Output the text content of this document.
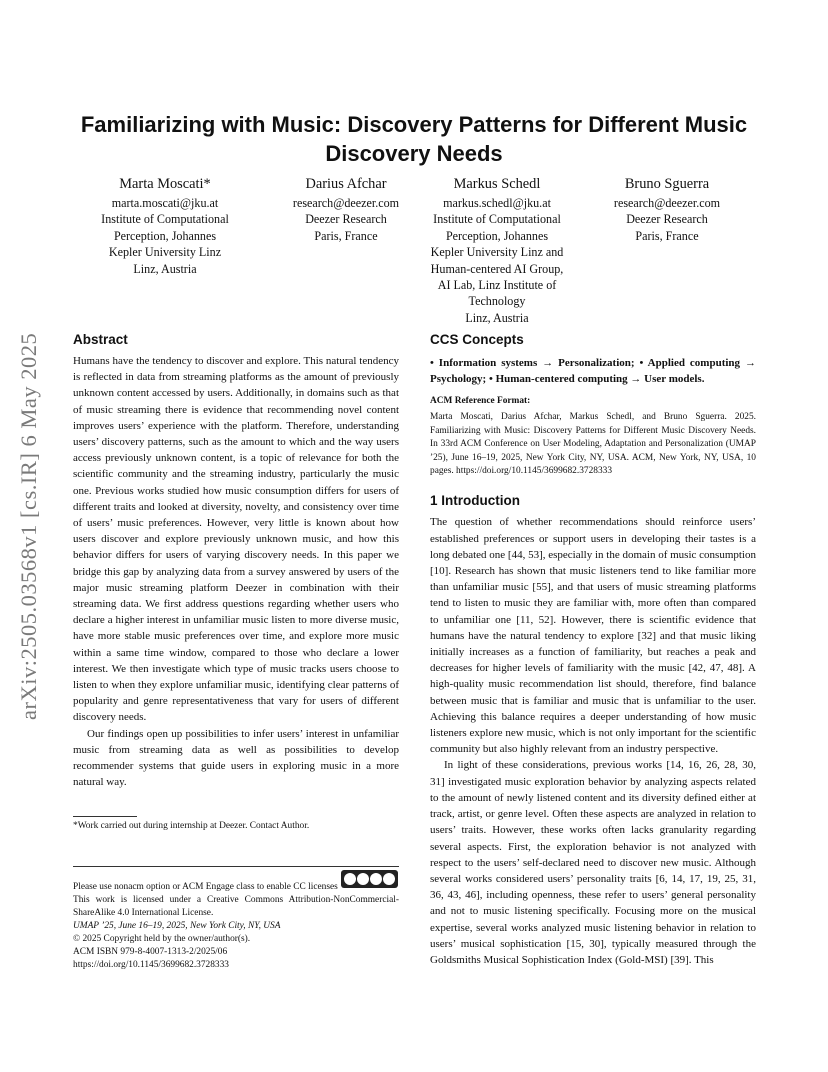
arXiv:2505.03568v1 [cs.IR] 6 May 2025
Familiarizing with Music: Discovery Patterns for Different Music Discovery Needs
Marta Moscati*
marta.moscati@jku.at
Institute of Computational
Perception, Johannes
Kepler University Linz
Linz, Austria
Darius Afchar
research@deezer.com
Deezer Research
Paris, France
Markus Schedl
markus.schedl@jku.at
Institute of Computational
Perception, Johannes
Kepler University Linz and
Human-centered AI Group,
AI Lab, Linz Institute of
Technology
Linz, Austria
Bruno Sguerra
research@deezer.com
Deezer Research
Paris, France
Abstract

Humans have the tendency to discover and explore. This natural tendency is reflected in data from streaming platforms as the amount of previously unknown content accessed by users. Additionally, in domains such as that of music streaming there is evidence that recommending novel content improves users’ experience with the platform. Therefore, understanding users’ discovery patterns, such as the amount to which and the way users access previously unknown content, is a topic of relevance for both the scientific community and the streaming industry, particularly the music one. Previous works studied how music consumption differs for users of different traits and looked at diversity, novelty, and consistency over time of users’ music preferences. However, very little is known about how users discover and explore previously unknown music, and how this behavior differs for users of varying discovery needs. In this paper we bridge this gap by analyzing data from a survey answered by users of the major music streaming platform Deezer in combination with their streaming data. We first address questions regarding whether users who declare a higher interest in unfamiliar music listen to more diverse music, have more stable music preferences over time, and explore more music within a same time window, compared to those who declare a lower interest. We then investigate which type of music tracks users choose to listen to when they explore unfamiliar music, identifying clear patterns of popularity and genre representativeness that vary for users of different discovery needs.

Our findings open up possibilities to infer users’ interest in unfamiliar music from streaming data as well as possibilities to develop recommender systems that guide users in exploring music in a more natural way.

*Work carried out during internship at Deezer. Contact Author.
Please use nonacm option or ACM Engage class to enable CC licenses
This work is licensed under a Creative Commons Attribution-NonCommercial-ShareAlike 4.0 International License.
UMAP ’25, June 16–19, 2025, New York City, NY, USA
© 2025 Copyright held by the owner/author(s).
ACM ISBN 979-8-4007-1313-2/2025/06
https://doi.org/10.1145/3699682.3728333
CCS Concepts

• Information systems → Personalization; • Applied computing → Psychology; • Human-centered computing → User models.

ACM Reference Format:

Marta Moscati, Darius Afchar, Markus Schedl, and Bruno Sguerra. 2025. Familiarizing with Music: Discovery Patterns for Different Music Discovery Needs. In 33rd ACM Conference on User Modeling, Adaptation and Personalization (UMAP ’25), June 16–19, 2025, New York City, NY, USA. ACM, New York, NY, USA, 10 pages. https://doi.org/10.1145/3699682.3728333

1 Introduction

The question of whether recommendations should reinforce users’ established preferences or support users in developing their tastes is a long debated one [44, 53], especially in the domain of music consumption [10]. Research has shown that music listeners tend to like familiar more than unfamiliar music [55], and that users of music streaming platforms tend to listen to music they are familiar with, more often than compared to unfamiliar one [11, 52]. However, there is scientific evidence that humans have the natural tendency to explore [32] and that music liking initially increases as a function of familiarity, but reaches a peak and decreases for higher levels of familiarity with the music [42, 47, 48]. A high-quality music recommendation list should, therefore, find balance between music that is familiar and music that is unfamiliar to the user. Achieving this balance requires a deeper understanding of how music listeners explore new music, which is not only important for the scientific community but also highly relevant from an industry perspective.

In light of these considerations, previous works [14, 16, 26, 28, 30, 31] investigated music exploration behavior by analyzing aspects related to the amount of newly listened content and its diversity defined either at track, artist, or genre level. Often these aspects are analyzed in relation to users’ traits. However, these works often lacks granularity regarding several aspects. First, the exploration behavior is not analyzed with respect to the users’ self-declared need to discover new music. Although several works considered users’ personality traits [6, 14, 17, 19, 25, 31, 36, 43, 46], including openness, these refer to users’ general personality and not to music listening specifically. Focusing more on the musical expertise, several works analyzed music listening behavior in relation to users’ musical sophistication [15, 30], typically measured through the Goldsmiths Musical Sophistication Index (Gold-MSI) [39]. This
